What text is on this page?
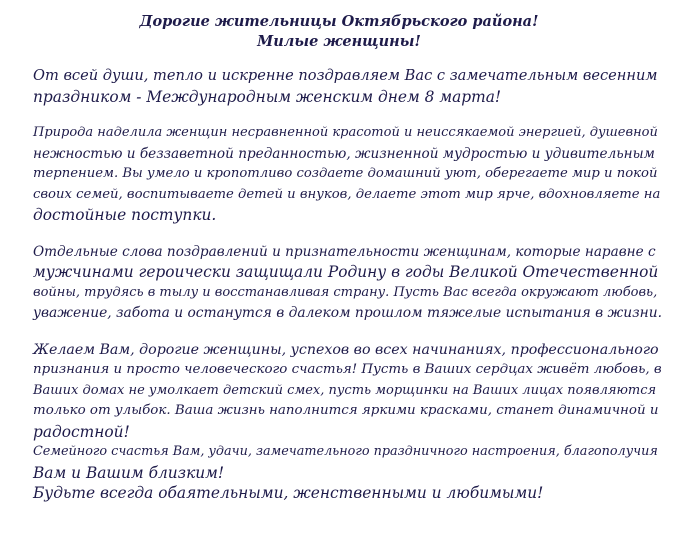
Дорогие жительницы Октябрьского района!
Милые женщины!
От всей души, тепло и искренне поздравляем Вас с замечательным весенним
праздником - Международным женским днем 8 марта!
Природа наделила женщин несравненной красотой и неиссякаемой энергией, душевной
нежностью и беззаветной преданностью, жизненной мудростью и удивительным
терпением. Вы умело и кропотливо создаете домашний уют, оберегаете мир и покой
своих семей, воспитываете детей и внуков, делаете этот мир ярче, вдохновляете на
достойные поступки.
Отдельные слова поздравлений и признательности женщинам, которые наравне с
мужчинами героически защищали Родину в годы Великой Отечественной
войны, трудясь в тылу и восстанавливая страну. Пусть Вас всегда окружают любовь,
уважение, забота и останутся в далеком прошлом тяжелые испытания в жизни.
Желаем Вам, дорогие женщины, успехов во всех начинаниях, профессионального
признания и просто человеческого счастья! Пусть в Ваших сердцах живёт любовь, в
Ваших домах не умолкает детский смех, пусть морщинки на Ваших лицах появляются
только от улыбок. Ваша жизнь наполнится яркими красками, станет динамичной и
радостной!
Семейного счастья Вам, удачи, замечательного праздничного настроения, благополучия
Вам и Вашим близким!
Будьте всегда обаятельными, женственными и любимыми!
